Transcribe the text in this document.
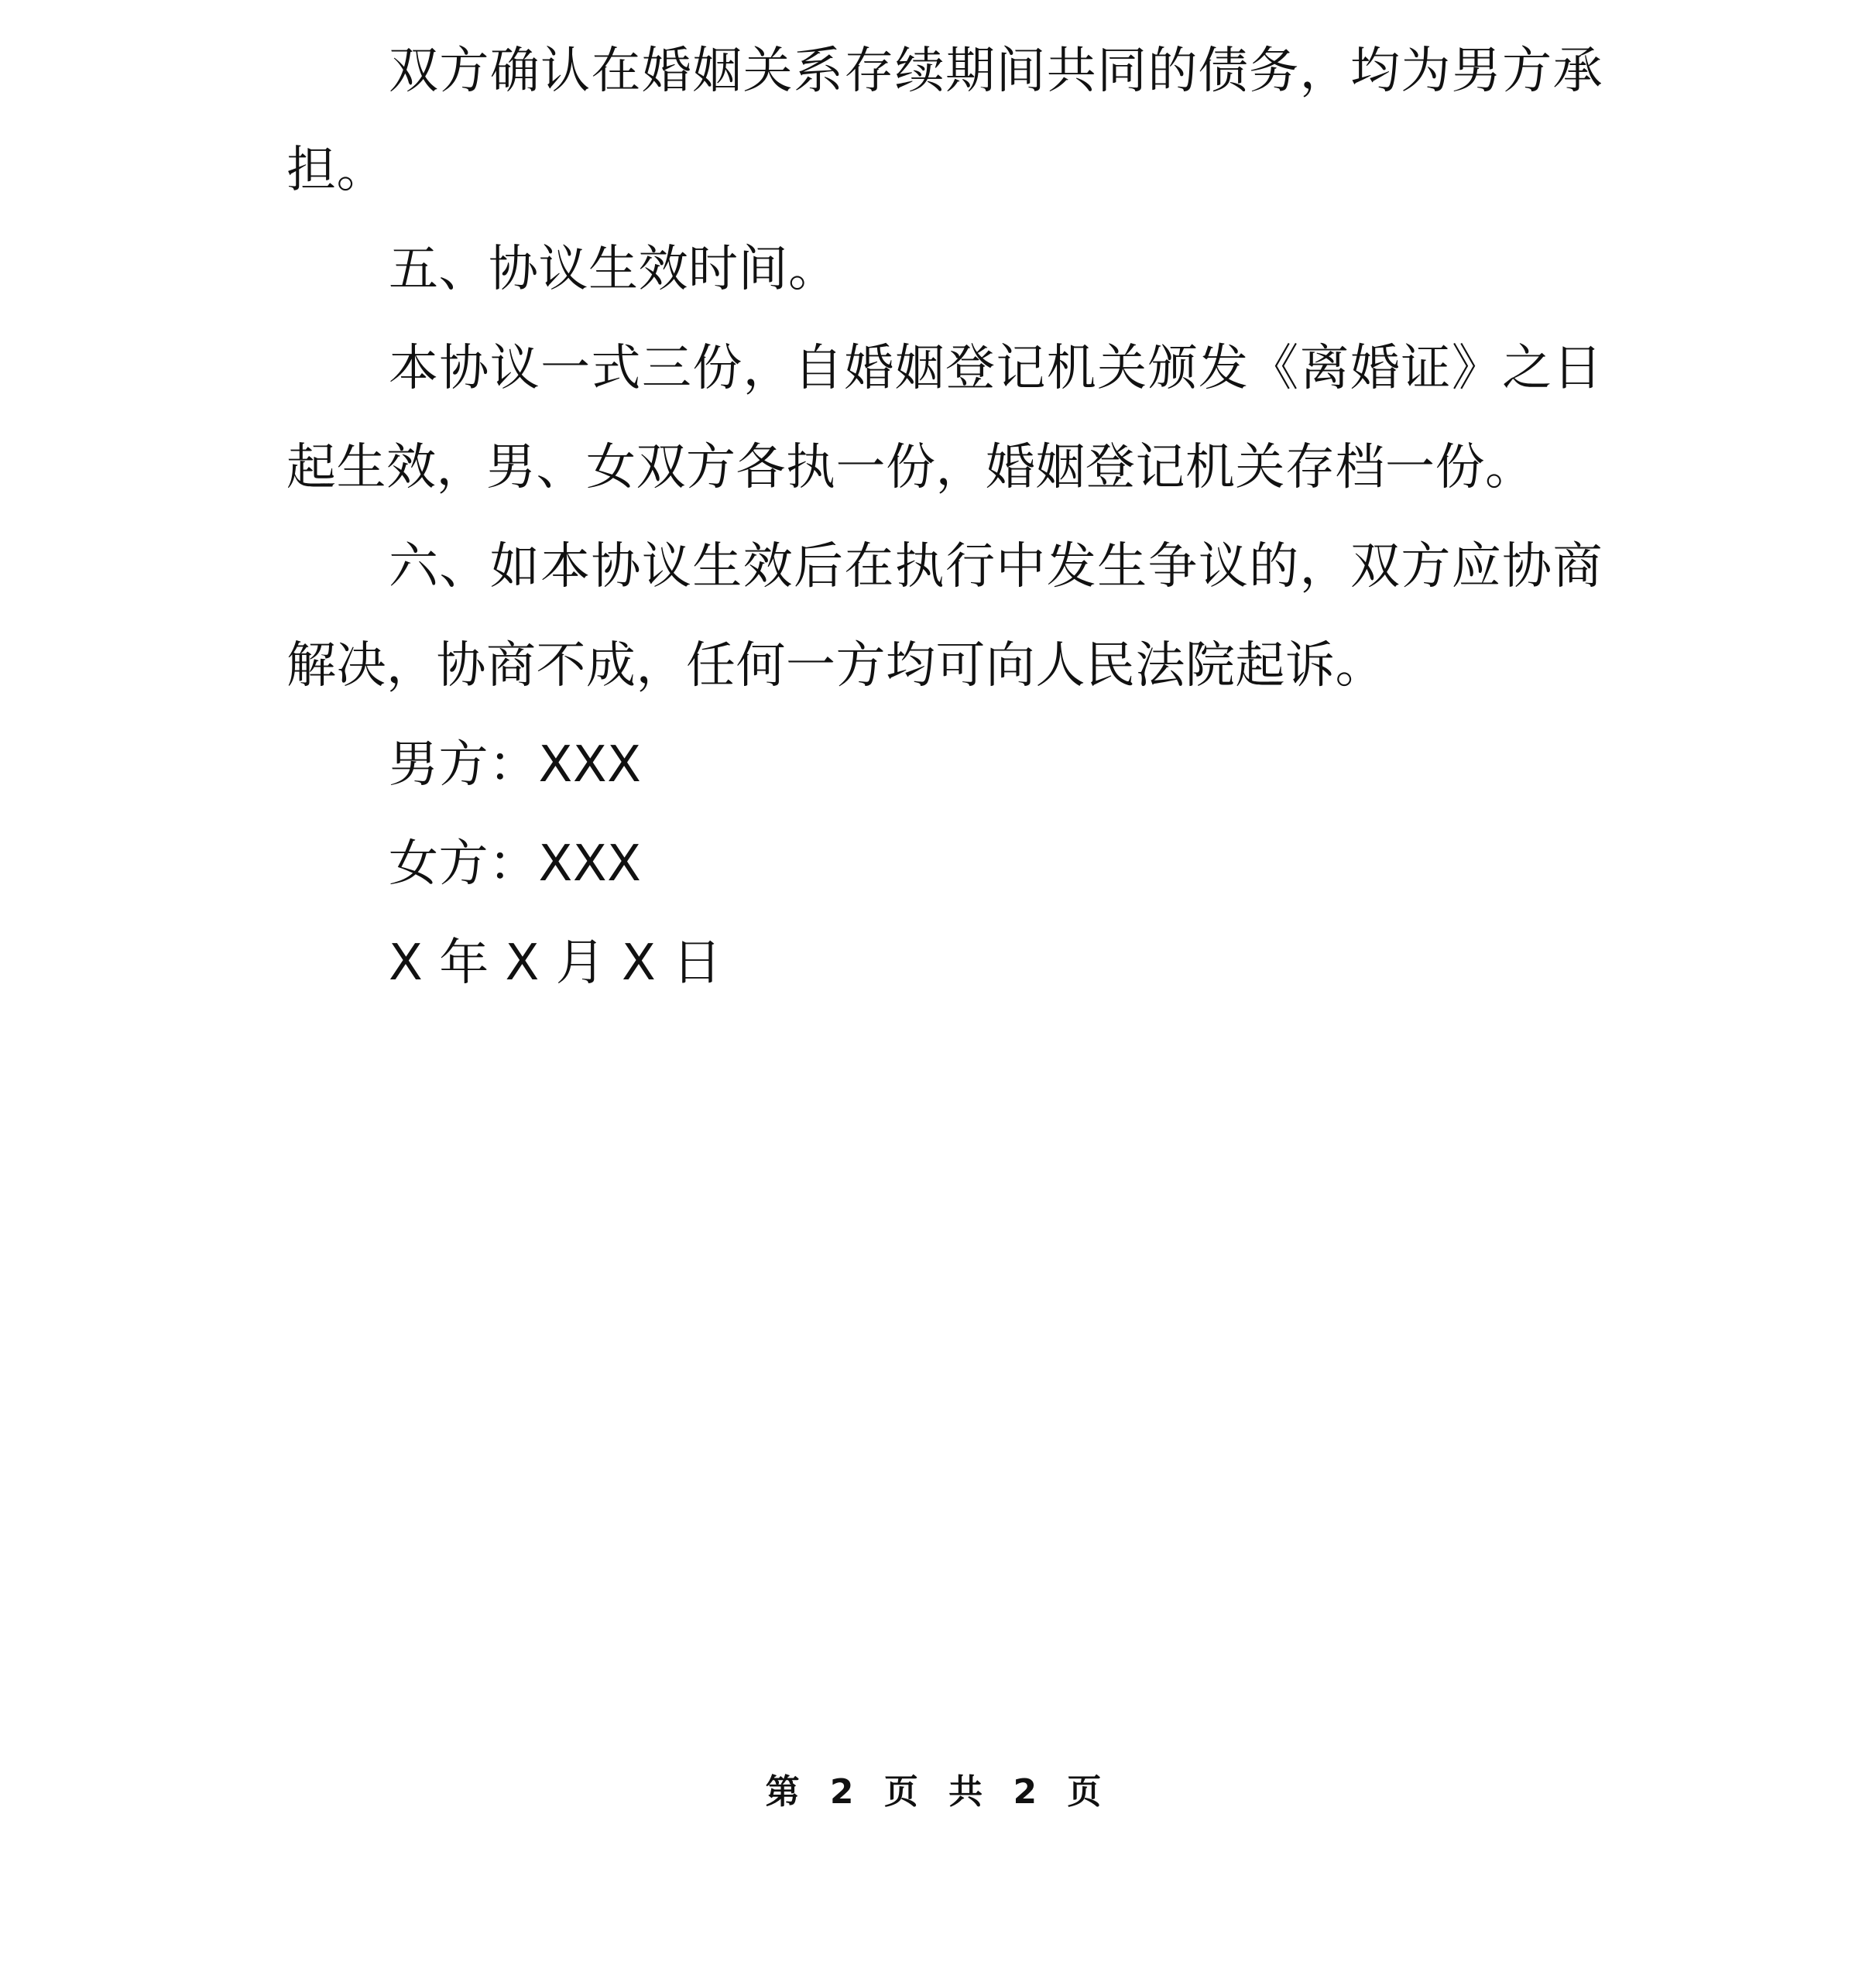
双方确认在婚姻关系存续期间共同的债务，均为男方承担。

五、协议生效时间。

本协议一式三份，自婚姻登记机关颁发《离婚证》之日起生效，男、女双方各执一份，婚姻登记机关存档一份。

六、如本协议生效后在执行中发生争议的，双方应协商解决，协商不成，任何一方均可向人民法院起诉。

男方：XXX

女方：XXX

X 年 X 月 X 日

第 2 页 共 2 页
